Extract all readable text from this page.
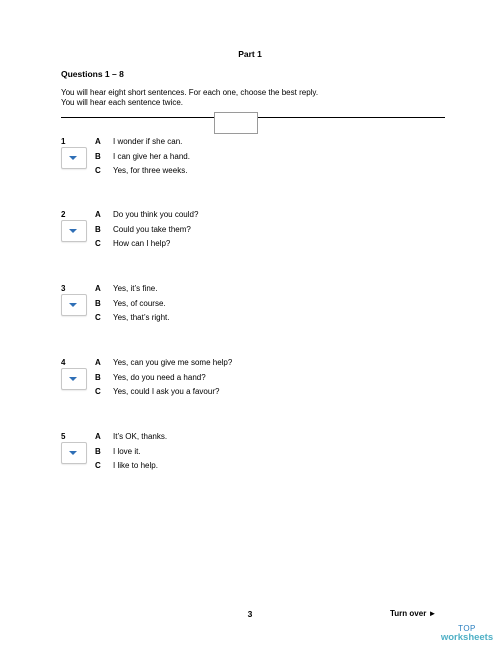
Part 1
Questions 1 – 8
You will hear eight short sentences. For each one, choose the best reply.
You will hear each sentence twice.
1	A I wonder if she can.
B I can give her a hand.
C Yes, for three weeks.
2	A Do you think you could?
B Could you take them?
C How can I help?
3	A Yes, it’s fine.
B Yes, of course.
C Yes, that’s right.
4	A Yes, can you give me some help?
B Yes, do you need a hand?
C Yes, could I ask you a favour?
5	A It’s OK, thanks.
B I love it.
C I like to help.
3	Turn over ►
TOP
worksheets
